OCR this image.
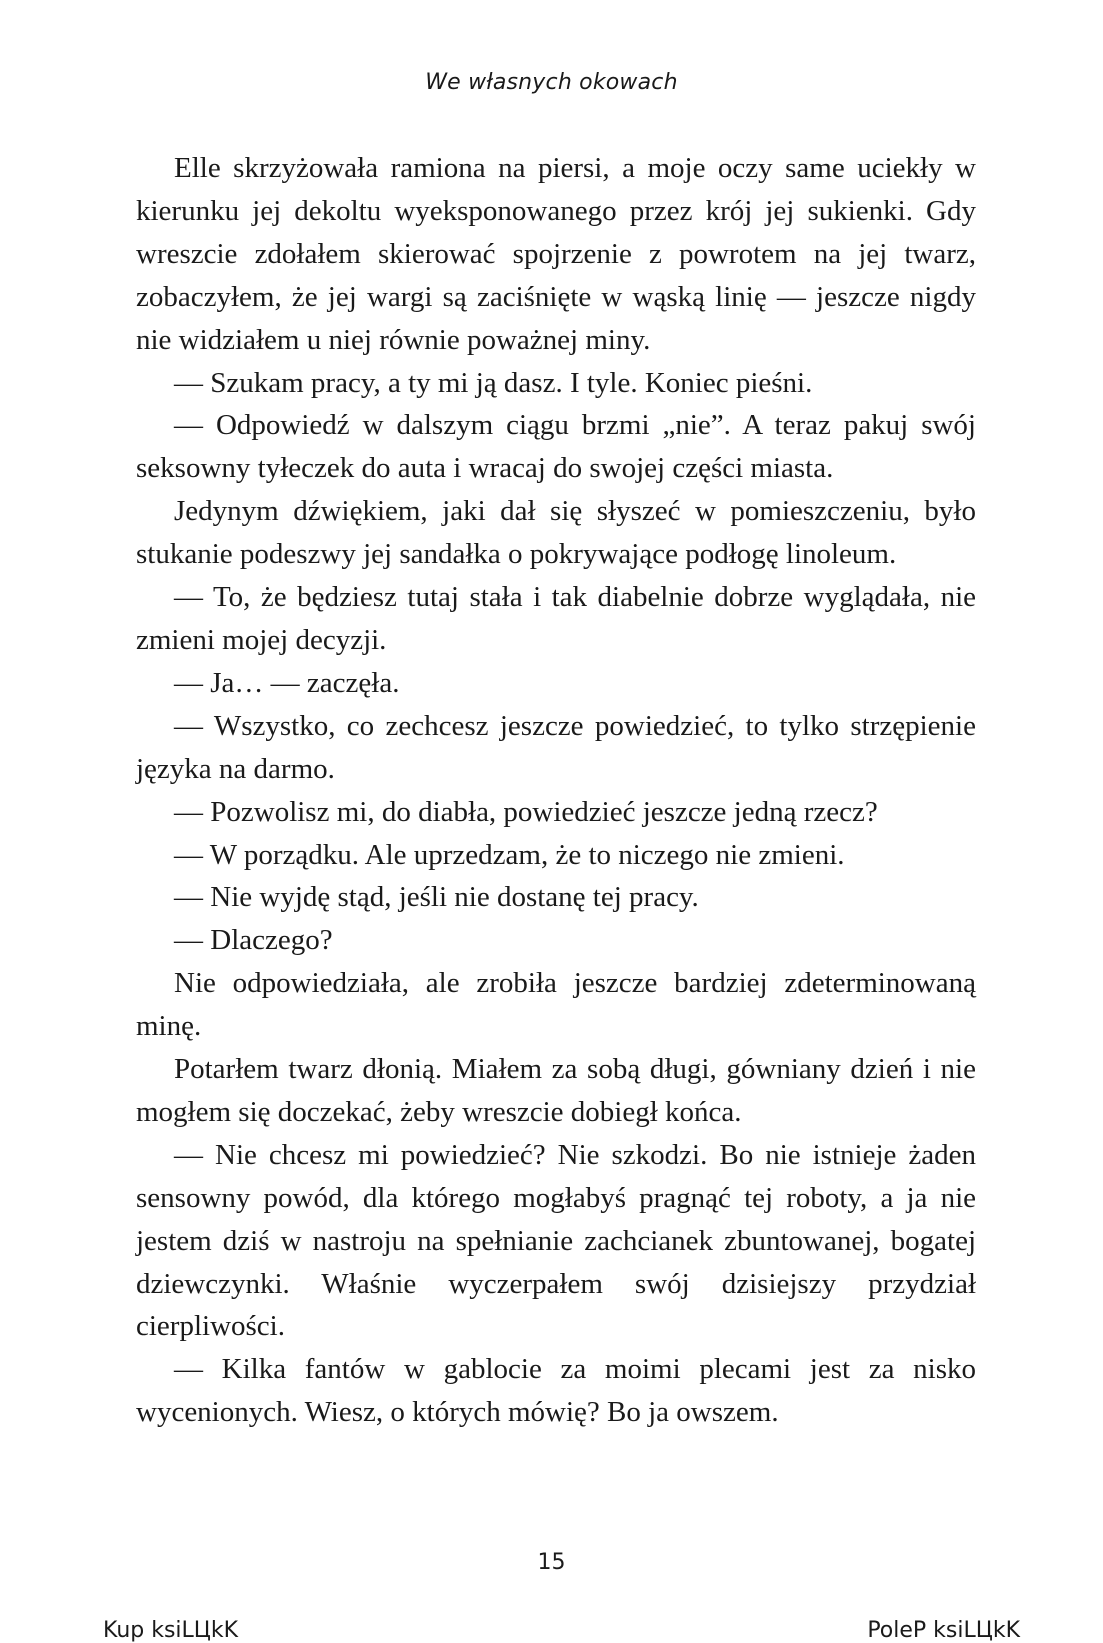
We własnych okowach

Elle skrzyżowała ramiona na piersi, a moje oczy same uciekły w kierunku jej dekoltu wyeksponowanego przez krój jej sukienki. Gdy wreszcie zdołałem skierować spojrzenie z powrotem na jej twarz, zobaczyłem, że jej wargi są zaciśnięte w wąską linię — jeszcze nigdy nie widziałem u niej równie poważnej miny.

— Szukam pracy, a ty mi ją dasz. I tyle. Koniec pieśni.

— Odpowiedź w dalszym ciągu brzmi „nie”. A teraz pakuj swój seksowny tyłeczek do auta i wracaj do swojej części miasta.

Jedynym dźwiękiem, jaki dał się słyszeć w pomieszczeniu, było stukanie podeszwy jej sandałka o pokrywające podłogę linoleum.

— To, że będziesz tutaj stała i tak diabelnie dobrze wyglądała, nie zmieni mojej decyzji.

— Ja… — zaczęła.

— Wszystko, co zechcesz jeszcze powiedzieć, to tylko strzępienie języka na darmo.

— Pozwolisz mi, do diabła, powiedzieć jeszcze jedną rzecz?

— W porządku. Ale uprzedzam, że to niczego nie zmieni.

— Nie wyjdę stąd, jeśli nie dostanę tej pracy.

— Dlaczego?

Nie odpowiedziała, ale zrobiła jeszcze bardziej zdeterminowaną minę.

Potarłem twarz dłonią. Miałem za sobą długi, gówniany dzień i nie mogłem się doczekać, żeby wreszcie dobiegł końca.

— Nie chcesz mi powiedzieć? Nie szkodzi. Bo nie istnieje żaden sensowny powód, dla którego mogłabyś pragnąć tej roboty, a ja nie jestem dziś w nastroju na spełnianie zachcianek zbuntowanej, bogatej dziewczynki. Właśnie wyczerpałem swój dzisiejszy przydział cierpliwości.

— Kilka fantów w gablocie za moimi plecami jest za nisko wycenionych. Wiesz, o których mówię? Bo ja owszem.

15
Kup ksiLЦkK	PoleP ksiLЦkK
